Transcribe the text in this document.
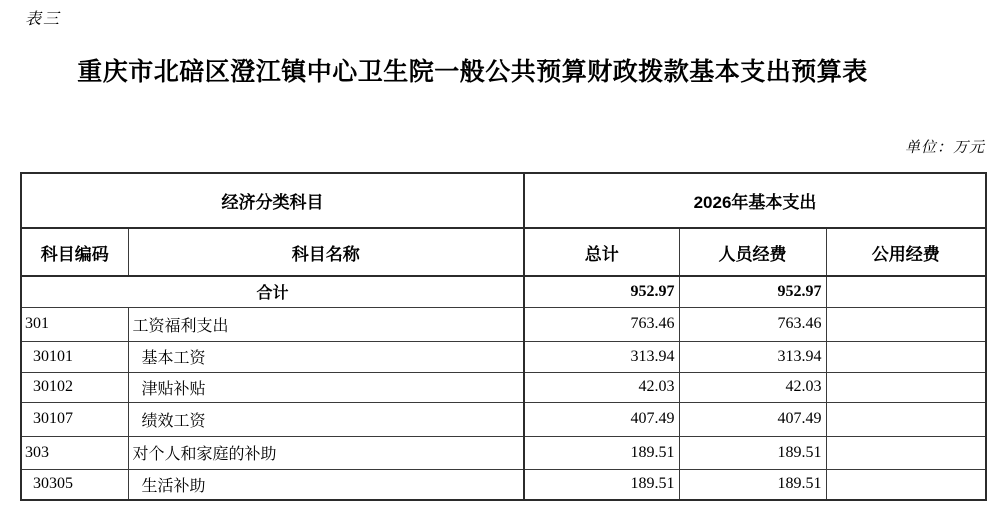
表三
重庆市北碚区澄江镇中心卫生院一般公共预算财政拨款基本支出预算表
单位：万元
经济分类科目		2026年基本支出		
科目编码	科目名称	总计	人员经费	公用经费
合计		952.97	952.97	
301	工资福利支出	763.46	763.46	
30101	基本工资	313.94	313.94	
30102	津贴补贴	42.03	42.03	
30107	绩效工资	407.49	407.49	
303	对个人和家庭的补助	189.51	189.51	
30305	生活补助	189.51	189.51	
